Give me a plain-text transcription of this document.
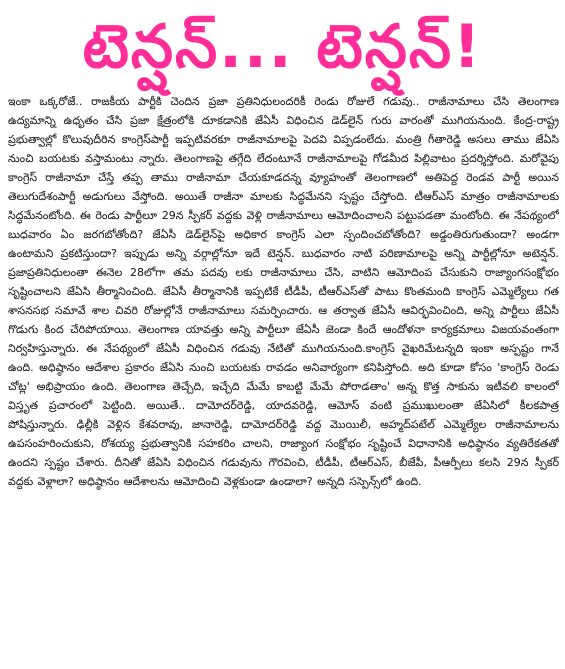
టెన్షన్... టెన్షన్!

ఇంకా ఒక్కరోజే.. రాజకీయ పార్టీకి చెందిన ప్రజా ప్రతినిధులందరికీ రెండు రోజులే గడువు.. రాజీనామాలు చేసి తెలంగాణ ఉద్యమాన్ని ఉధృతం చేసి ప్రజా క్షేత్రంలోకి దూకడానికి జేఏసీ విధించిన డెడ్‌లైన్ గురు వారంతో ముగియనుంది. కేంద్ర-రాష్ట్ర ప్రభుత్వాల్లో కొలువుదీరిన కాంగ్రెస్‌పార్టీ ఇప్పటివరకూ రాజీనామాలపై పెదవి విప్పడంలేదు. మంత్రి గీతారెడ్డి అసలు తాము జేఏసి నుంచి బయటకు వస్తామంటు న్నారు. తెలంగాణపై తగ్గేది లేదంటూనే రాజీనామాలపై గోడమీద పిల్లివాటం ప్రదర్శిస్తోంది. మరోవైపు కాంగ్రెస్ రాజీనామా చేస్తే తప్ప తాము రాజీనామా చేయకూడదన్న వ్యూహంతో తెలంగాణలో అతిపెద్ద రెండవ పార్టీ అయిన తెలుగుదేశంపార్టీ అడుగులు వేస్తోంది. అయితే రాజీనా మాలకు సిద్ధమేనని స్పష్టం చేస్తోంది. టీఆర్ఎస్ మాత్రం రాజీనామాలకు సిద్ధమేనంటోంది. ఈ రెండు పార్టీలూ 29న స్పీకర్ వద్దకు వెళ్లి రాజీనామాలు ఆమోదించాలని పట్టుపడతా మంటోంది. ఈ నేపథ్యంలో బుధవారం ఏం జరగబోతోంది? జేఏసీ డెడ్‌లైన్‌పై అధికార కాంగ్రెస్ ఎలా స్పందించబోతోంది? అడ్డంతిరుగుతుందా? అండగా ఉంటామని ప్రకటిస్తుందా? ఇప్పుడు అన్ని వర్గాల్లోనూ ఇదే టెన్షన్. బుధవారం నాటి పరిణామాలపై అన్ని పార్టీల్లోనూ అటెన్షన్. ప్రజాప్రతినిధులంతా ఈనెల 28లోగా తమ పదవు లకు రాజీనామాలు చేసి, వాటిని ఆమోదింప చేసుకుని రాజ్యాంగసంక్షోభం సృష్టించాలని జేఏసి తీర్మానించింది. జేఏసీ తీర్మానానికి ఇప్పటికే టీడీపీ, టీఆర్ఎస్‌తో పాటు కొంతమంది కాంగ్రెస్ ఎమ్మెల్యేలు గత శాసనసభ సమావే శాల చివరి రోజుల్లోనే రాజీనామాలు సమర్పించారు. ఆ తర్వాత జేఏసీ ఆవిర్భవించింది, అన్ని పార్టీలు జేఏసీ గొడుగు కింద చేరిపోయాయి. తెలంగాణ యావత్తు అన్ని పార్టీలూ జేఏసీ జెండా కిందే ఆందోళనా కార్యక్రమాలు విజయవంతంగా నిర్వహిస్తున్నారు. ఈ నేపథ్యంలో జేఏసీ విధించిన గడువు నేటితో ముగియనుంది.కాంగ్రెస్ వైఖరిమేటన్నది ఇంకా అస్పష్టం గానే ఉంది. అధిష్ఠానం ఆదేశాల ప్రకారం జేఏసి నుంచి బయటకు రావడం అనివార్యంగా కనిపిస్తోంది. అది కూడా కోసం 'కాంగ్రెస్ రెండు చోట్ల' అభిప్రాయం ఉంది. తెలంగాణ తెచ్చేది, ఇచ్చేది మేమే కాబట్టి మేమే పోరాడతాం' అన్న కొత్త సాకును ఇటీవలి కాలంలో విస్తృత ప్రచారంలో పెట్టింది. అయితే.. దామోదర్‌రెడ్డి, యాదవరెడ్డి, ఆమోస్ వంటి ప్రముఖులంతా జేఏసిలో కీలకపాత్ర పోషిస్తున్నారు. ఢిల్లీకి వెళ్లిన కేశవరావు, జానారెడ్డి, దామోదర్‌రెడ్డి వద్ద మొయిలీ, అహ్మద్‌పటేల్ ఎమ్మెల్యేల రాజీనామాలను ఉపసంహరించుకుని, రోశయ్య ప్రభుత్వానికి సహకరిం చాలని, రాజ్యాంగ సంక్షోభం సృష్టించే విధానానికి అధిష్ఠానం వ్యతిరేకతతో ఉందని స్పష్టం చేశారు. దీనితో జేఏసి విధించిన గడువును గౌరవించి, టీడీపీ, టీఆర్ఎస్, బీజేపీ, పీఆర్పీలు కలసి 29న స్పీకర్ వద్దకు వెళ్లాలా? అధిష్ఠానం ఆదేశాలను ఆమోదించి వెళ్లకుండా ఉండాలా? అన్నది సస్పెన్స్‌లో ఉంది.
